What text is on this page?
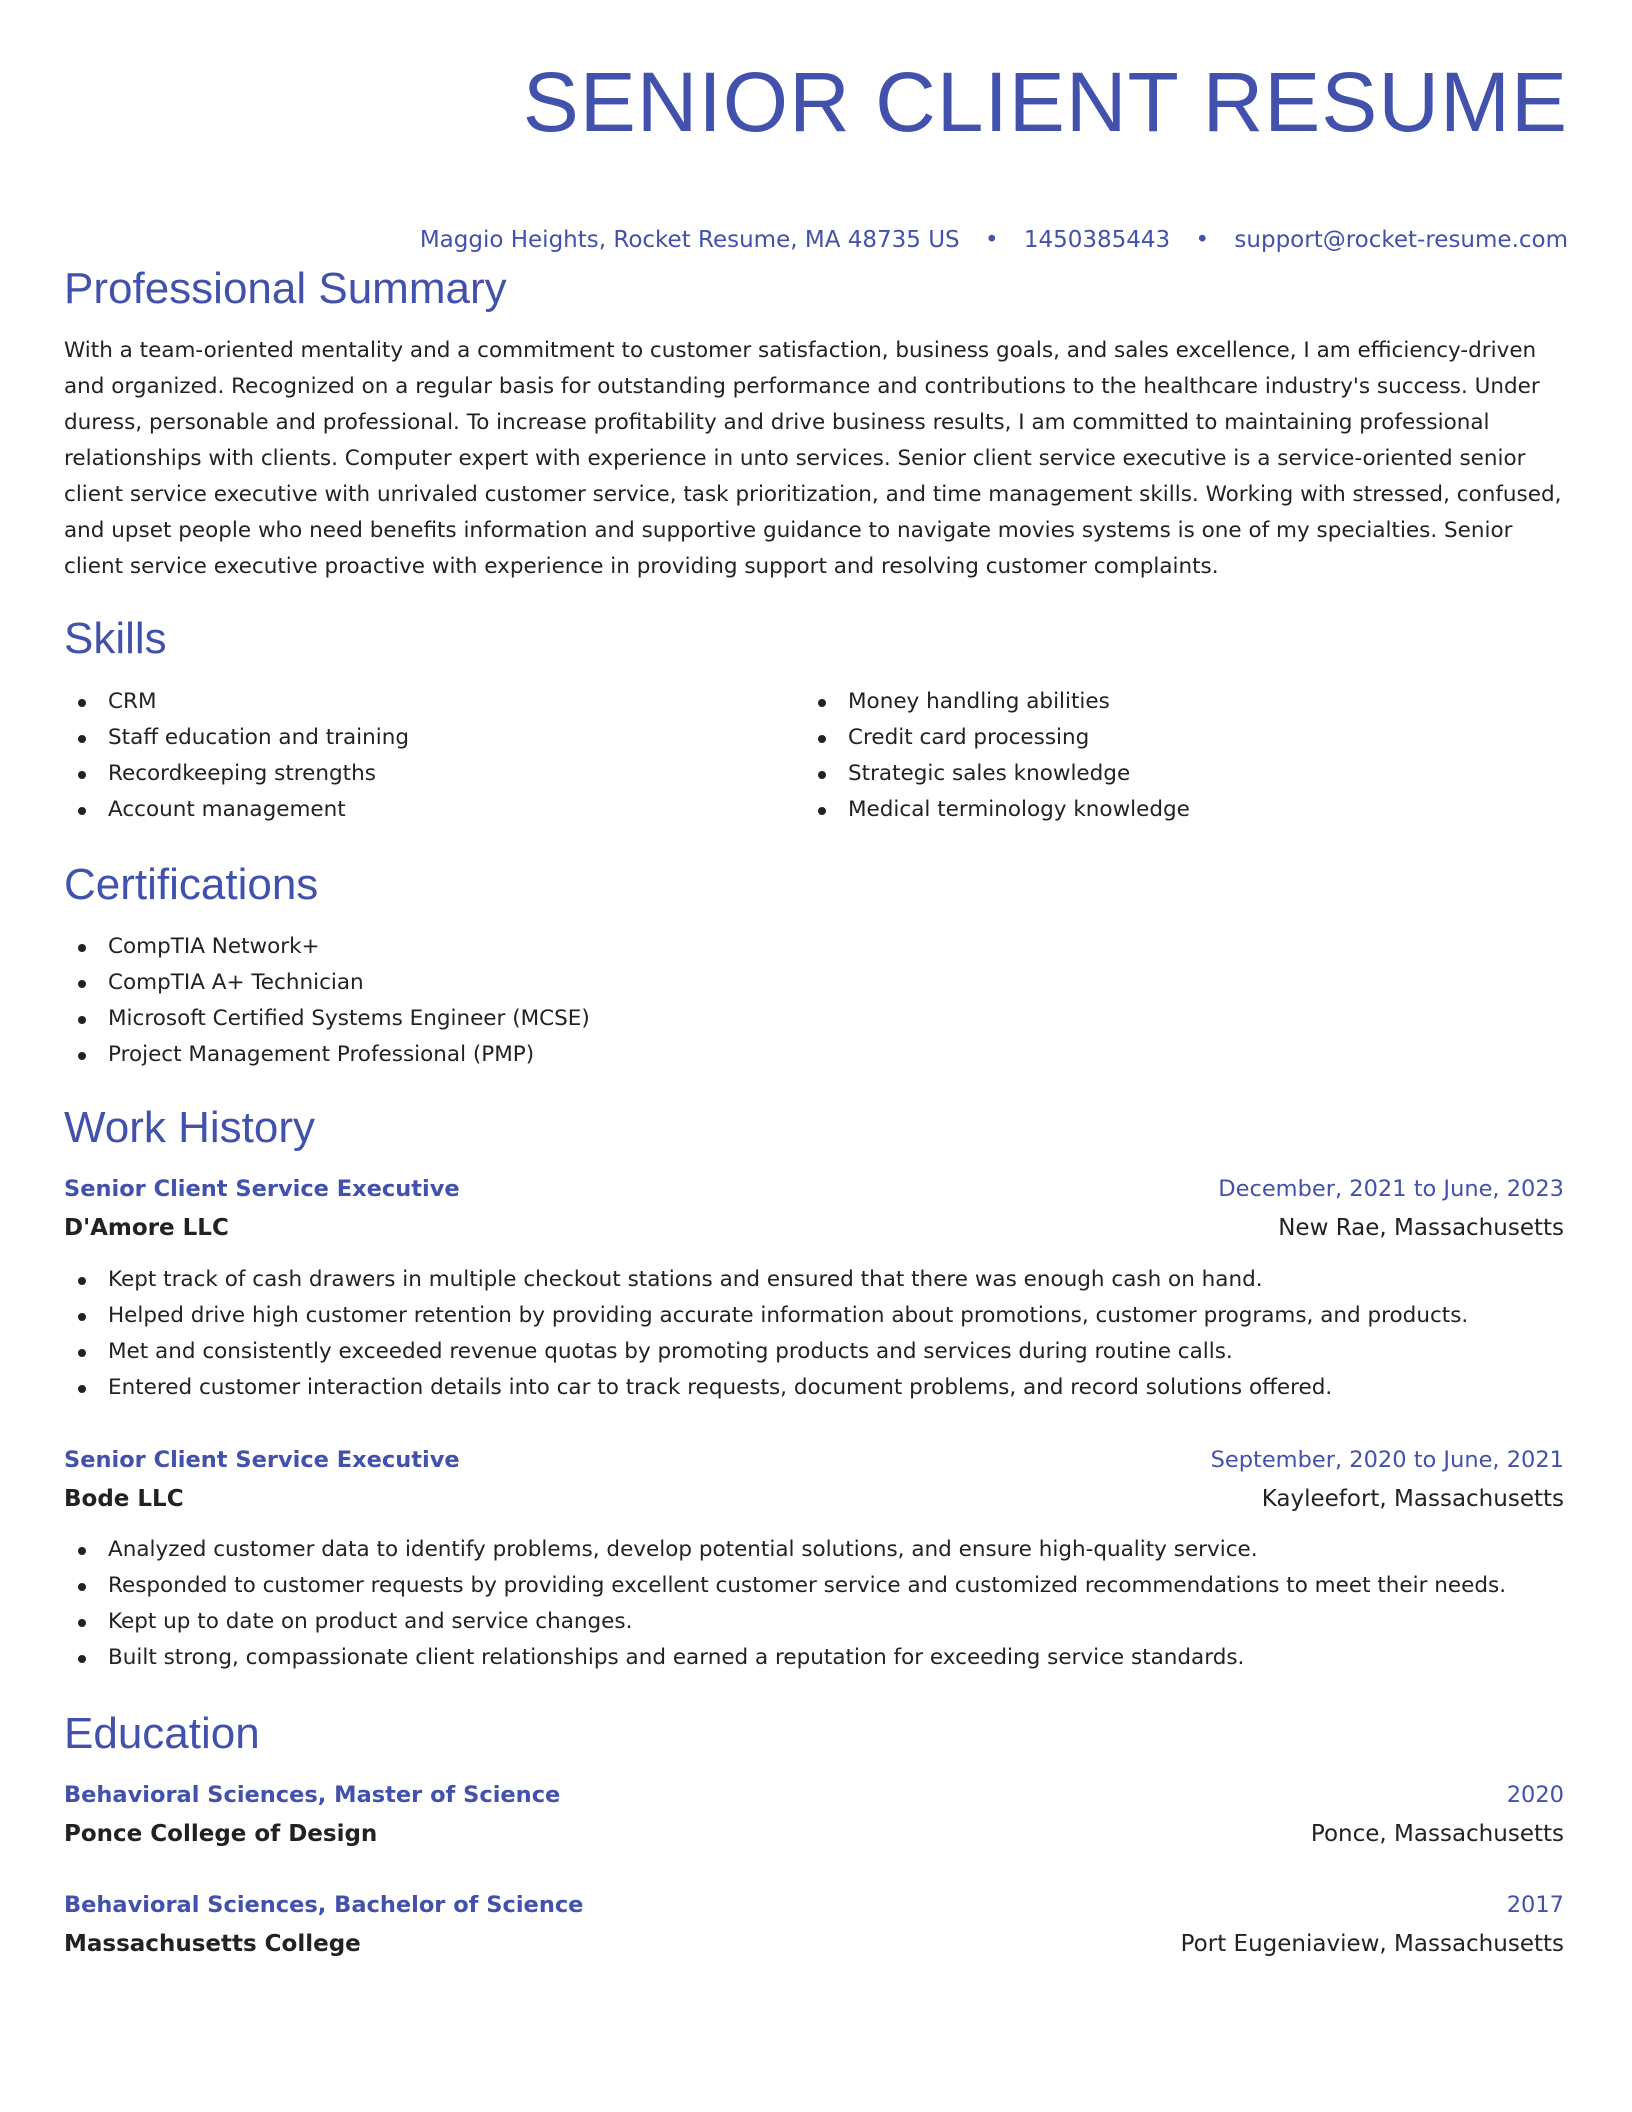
SENIOR CLIENT RESUME
Maggio Heights, Rocket Resume, MA 48735 US • 1450385443 • support@rocket-resume.com
Professional Summary

With a team-oriented mentality and a commitment to customer satisfaction, business goals, and sales excellence, I am efficiency-driven and organized. Recognized on a regular basis for outstanding performance and contributions to the healthcare industry's success. Under duress, personable and professional. To increase profitability and drive business results, I am committed to maintaining professional relationships with clients. Computer expert with experience in unto services. Senior client service executive is a service-oriented senior client service executive with unrivaled customer service, task prioritization, and time management skills. Working with stressed, confused, and upset people who need benefits information and supportive guidance to navigate movies systems is one of my specialties. Senior client service executive proactive with experience in providing support and resolving customer complaints.

Skills
CRM
Staff education and training
Recordkeeping strengths
Account management
Money handling abilities
Credit card processing
Strategic sales knowledge
Medical terminology knowledge
Certifications
CompTIA Network+
CompTIA A+ Technician
Microsoft Certified Systems Engineer (MCSE)
Project Management Professional (PMP)
Work History
Senior Client Service Executive	December, 2021 to June, 2023
D'Amore LLC	New Rae, Massachusetts
Kept track of cash drawers in multiple checkout stations and ensured that there was enough cash on hand.
Helped drive high customer retention by providing accurate information about promotions, customer programs, and products.
Met and consistently exceeded revenue quotas by promoting products and services during routine calls.
Entered customer interaction details into car to track requests, document problems, and record solutions offered.
Senior Client Service Executive	September, 2020 to June, 2021
Bode LLC	Kayleefort, Massachusetts
Analyzed customer data to identify problems, develop potential solutions, and ensure high-quality service.
Responded to customer requests by providing excellent customer service and customized recommendations to meet their needs.
Kept up to date on product and service changes.
Built strong, compassionate client relationships and earned a reputation for exceeding service standards.
Education
Behavioral Sciences, Master of Science	2020
Ponce College of Design	Ponce, Massachusetts
Behavioral Sciences, Bachelor of Science	2017
Massachusetts College	Port Eugeniaview, Massachusetts
